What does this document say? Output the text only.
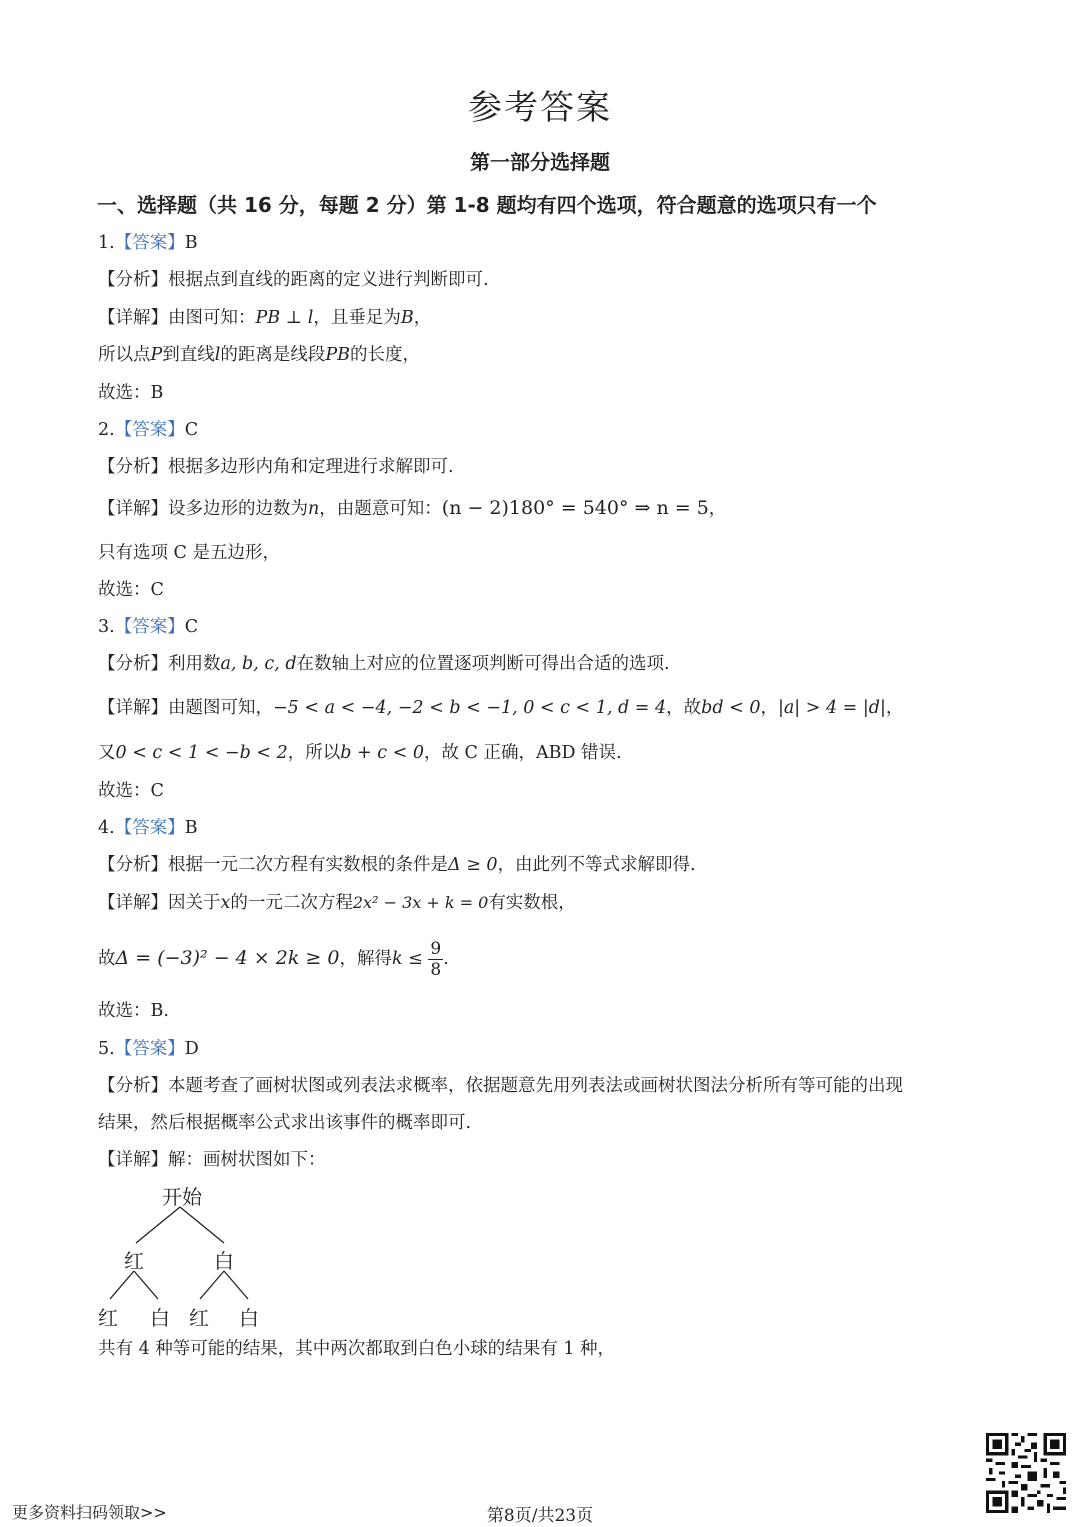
参考答案
第一部分选择题
一、选择题（共 16 分，每题 2 分）第 1-8 题均有四个选项，符合题意的选项只有一个
1.【答案】B
【分析】根据点到直线的距离的定义进行判断即可.
【详解】由图可知：PB ⊥ l，且垂足为B，
所以点P到直线l的距离是线段PB的长度，
故选：B
2.【答案】C
【分析】根据多边形内角和定理进行求解即可.
【详解】设多边形的边数为n，由题意可知：(n − 2)180° = 540° ⇒ n = 5，
只有选项 C 是五边形，
故选：C
3.【答案】C
【分析】利用数a, b, c, d在数轴上对应的位置逐项判断可得出合适的选项.
【详解】由题图可知，−5 < a < −4, −2 < b < −1, 0 < c < 1, d = 4，故bd < 0，|a| > 4 = |d|，
又0 < c < 1 < −b < 2，所以b + c < 0，故 C 正确，ABD 错误.
故选：C
4.【答案】B
【分析】根据一元二次方程有实数根的条件是Δ ≥ 0，由此列不等式求解即得.
【详解】因关于x的一元二次方程2x² − 3x + k = 0有实数根，
故Δ = (−3)² − 4 × 2k ≥ 0，解得$k \le \frac{9}{8}$ .
故选：B.
5.【答案】D
【分析】本题考查了画树状图或列表法求概率，依据题意先用列表法或画树状图法分析所有等可能的出现
结果，然后根据概率公式求出该事件的概率即可.
【详解】解：画树状图如下：
开始
红	白
红 白 红 白
共有 4 种等可能的结果，其中两次都取到白色小球的结果有 1 种，
更多资料扫码领取>>	第8页/共23页
